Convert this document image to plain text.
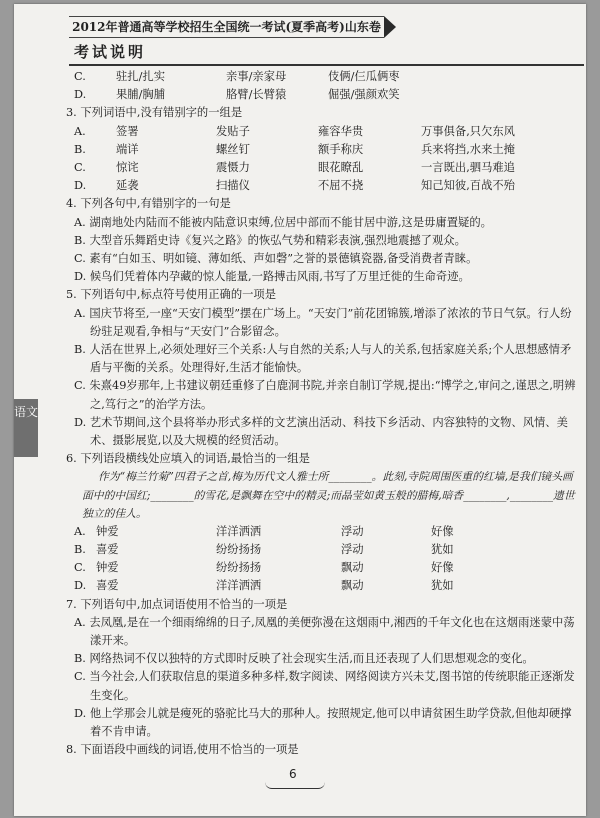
2012年普通高等学校招生全国统一考试(夏季高考)山东卷
考试说明
C.	驻扎/扎实	亲事/亲家母	伎俩/仨瓜俩枣
D.	果脯/胸脯	胳臂/长臂猿	倔强/强颜欢笑
3. 下列词语中,没有错别字的一组是
A.	签署	发贴子	雍容华贵	万事俱备,只欠东风
B.	端详	螺丝钉	额手称庆	兵来将挡,水来土掩
C.	惊诧	震慑力	眼花瞭乱	一言既出,驷马难追
D.	延袭	扫描仪	不屈不挠	知己知彼,百战不殆
4. 下列各句中,有错别字的一句是

A. 湖南地处内陆而不能被内陆意识束缚,位居中部而不能甘居中游,这是毋庸置疑的。

B. 大型音乐舞蹈史诗《复兴之路》的恢弘气势和精彩表演,强烈地震撼了观众。

C. 素有“白如玉、明如镜、薄如纸、声如磬”之誉的景德镇瓷器,备受消费者青睐。

D. 候鸟们凭着体内孕藏的惊人能量,一路搏击风雨,书写了万里迁徙的生命奇迹。

5. 下列语句中,标点符号使用正确的一项是

A. 国庆节将至,一座“天安门模型”摆在广场上。“天安门”前花团锦簇,增添了浓浓的节日气氛。行人纷纷驻足观看,争相与“天安门”合影留念。

B. 人活在世界上,必须处理好三个关系:人与自然的关系;人与人的关系,包括家庭关系;个人思想感情矛盾与平衡的关系。处理得好,生活才能愉快。

C. 朱熹49岁那年,上书建议朝廷重修了白鹿洞书院,并亲自制订学规,提出:“博学之,审问之,谨思之,明辨之,笃行之”的治学方法。

D. 艺术节期间,这个县将举办形式多样的文艺演出活动、科技下乡活动、内容独特的文物、风情、美术、摄影展览,以及大规模的经贸活动。

6. 下列语段横线处应填入的词语,最恰当的一组是

作为“梅兰竹菊”四君子之首,梅为历代文人雅士所________。此刻,寺院周围医重的红墙,是我们镜头画面中的中国红;________的雪花,是飘舞在空中的精灵;而晶莹如黄玉般的腊梅,暗香________,________遗世独立的佳人。

A. 钟爱	洋洋洒洒	浮动	好像
B. 喜爱	纷纷扬扬	浮动	犹如
C. 钟爱	纷纷扬扬	飘动	好像
D. 喜爱	洋洋洒洒	飘动	犹如
7. 下列语句中,加点词语使用不恰当的一项是

A. 去凤凰,是在一个细雨绵绵的日子,凤凰的美便弥漫在这烟雨中,湘西的千年文化也在这烟雨迷蒙中荡漾开来。

B. 网络热词不仅以独特的方式即时反映了社会现实生活,而且还表现了人们思想观念的变化。

C. 当今社会,人们获取信息的渠道多种多样,数字阅读、网络阅读方兴未艾,图书馆的传统职能正逐渐发生变化。

D. 他上学那会儿就是瘦死的骆驼比马大的那种人。按照规定,他可以申请贫困生助学贷款,但他却硬撑着不肯申请。

8. 下面语段中画线的词语,使用不恰当的一项是
语文
6
